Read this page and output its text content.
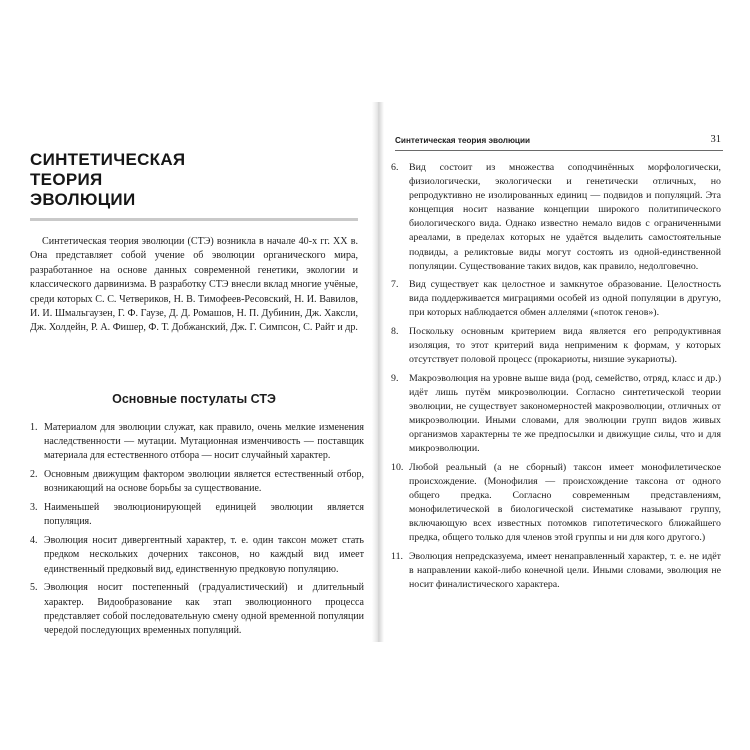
СИНТЕТИЧЕСКАЯ ТЕОРИЯ ЭВОЛЮЦИИ

Синтетическая теория эволюции (СТЭ) возникла в начале 40-х гг. XX в. Она представляет собой учение об эволюции органического мира, разработанное на основе данных современной генетики, экологии и классического дарвинизма. В разработку СТЭ внесли вклад многие учёные, среди которых С. С. Четвериков, Н. В. Тимофеев-Ресовский, Н. И. Вавилов, И. И. Шмальгаузен, Г. Ф. Гаузе, Д. Д. Ромашов, Н. П. Дубинин, Дж. Хаксли, Дж. Холдейн, Р. А. Фишер, Ф. Т. Добжанский, Дж. Г. Симпсон, С. Райт и др.

Основные постулаты СТЭ
1. Материалом для эволюции служат, как правило, очень мелкие изменения наследственности — мутации. Мутационная изменчивость — поставщик материала для естественного отбора — носит случайный характер.
2. Основным движущим фактором эволюции является естественный отбор, возникающий на основе борьбы за существование.
3. Наименьшей эволюционирующей единицей эволюции является популяция.
4. Эволюция носит дивергентный характер, т. е. один таксон может стать предком нескольких дочерних таксонов, но каждый вид имеет единственный предковый вид, единственную предковую популяцию.
5. Эволюция носит постепенный (градуалистический) и длительный характер. Видообразование как этап эволюционного процесса представляет собой последовательную смену одной временной популяции чередой последующих временных популяций.
Синтетическая теория эволюции	31
6. Вид состоит из множества соподчинённых морфологически, физиологически, экологически и генетически отличных, но репродуктивно не изолированных единиц — подвидов и популяций. Эта концепция носит название концепции широкого политипического биологического вида. Однако известно немало видов с ограниченными ареалами, в пределах которых не удаётся выделить самостоятельные подвиды, а реликтовые виды могут состоять из одной-единственной популяции. Существование таких видов, как правило, недолговечно.
7. Вид существует как целостное и замкнутое образование. Целостность вида поддерживается миграциями особей из одной популяции в другую, при которых наблюдается обмен аллелями («поток генов»).
8. Поскольку основным критерием вида является его репродуктивная изоляция, то этот критерий вида неприменим к формам, у которых отсутствует половой процесс (прокариоты, низшие эукариоты).
9. Макроэволюция на уровне выше вида (род, семейство, отряд, класс и др.) идёт лишь путём микроэволюции. Согласно синтетической теории эволюции, не существует закономерностей макроэволюции, отличных от микроэволюции. Иными словами, для эволюции групп видов живых организмов характерны те же предпосылки и движущие силы, что и для микроэволюции.
10. Любой реальный (а не сборный) таксон имеет монофилетическое происхождение. (Монофилия — происхождение таксона от одного общего предка. Согласно современным представлениям, монофилетической в биологической систематике называют группу, включающую всех известных потомков гипотетического ближайшего предка, общего только для членов этой группы и ни для кого другого.)
11. Эволюция непредсказуема, имеет ненаправленный характер, т. е. не идёт в направлении какой-либо конечной цели. Иными словами, эволюция не носит финалистического характера.
